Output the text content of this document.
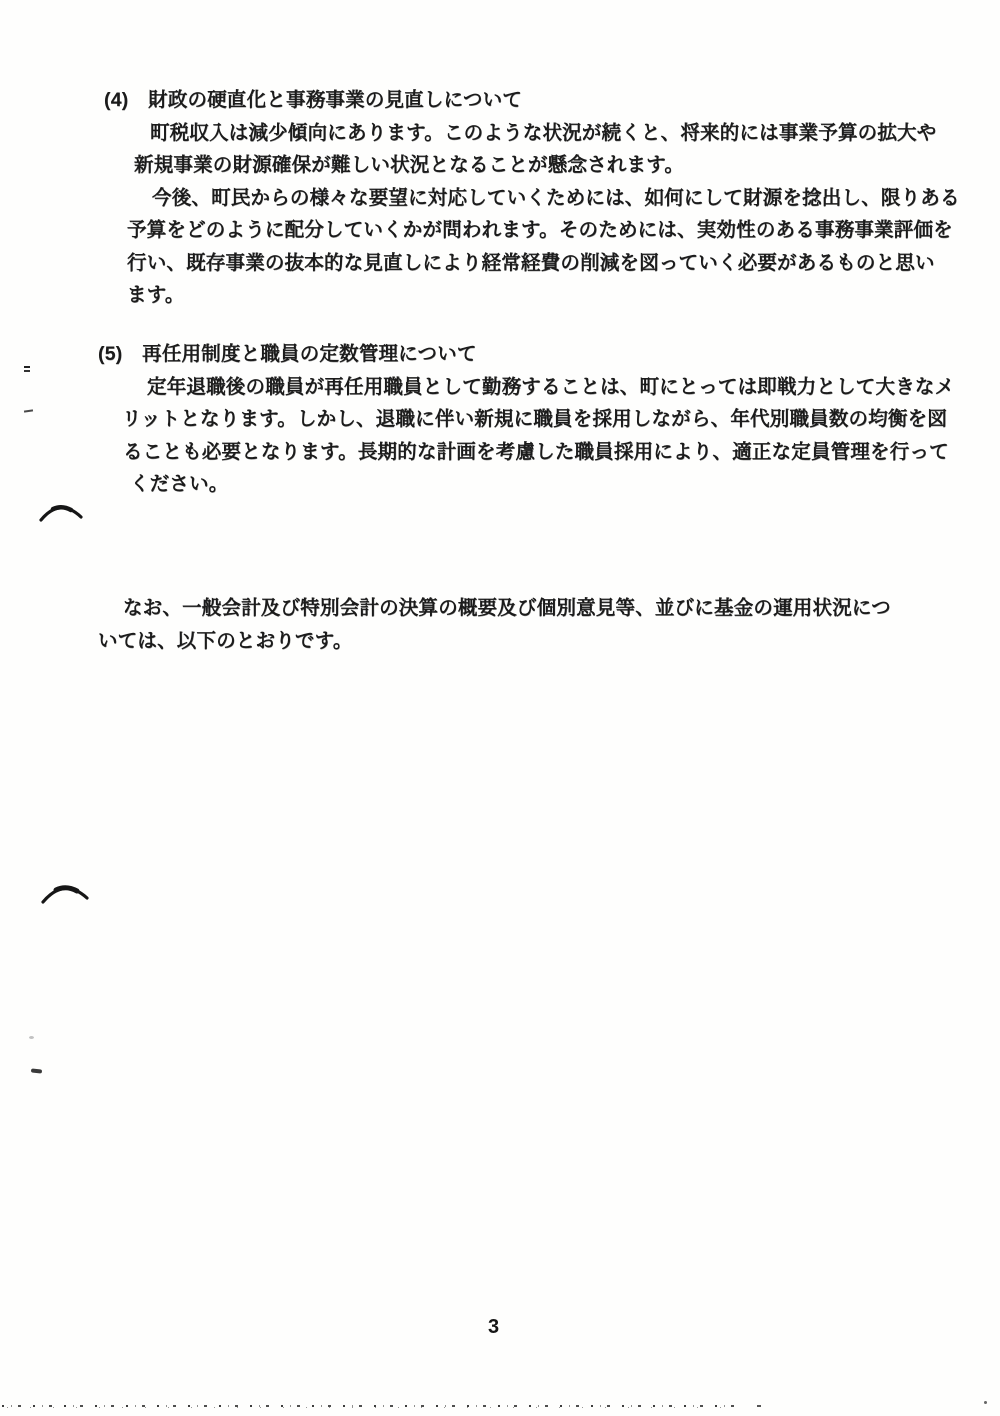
(4)　財政の硬直化と事務事業の見直しについて
町税収入は減少傾向にあります。このような状況が続くと、将来的には事業予算の拡大や
新規事業の財源確保が難しい状況となることが懸念されます。
今後、町民からの様々な要望に対応していくためには、如何にして財源を捻出し、限りある
予算をどのように配分していくかが問われます。そのためには、実効性のある事務事業評価を
行い、既存事業の抜本的な見直しにより経常経費の削減を図っていく必要があるものと思い
ます。
(5)　再任用制度と職員の定数管理について
定年退職後の職員が再任用職員として勤務することは、町にとっては即戦力として大きなメ
リットとなります。しかし、退職に伴い新規に職員を採用しながら、年代別職員数の均衡を図
ることも必要となります。長期的な計画を考慮した職員採用により、適正な定員管理を行って
ください。
なお、一般会計及び特別会計の決算の概要及び個別意見等、並びに基金の運用状況につ
いては、以下のとおりです。
3
